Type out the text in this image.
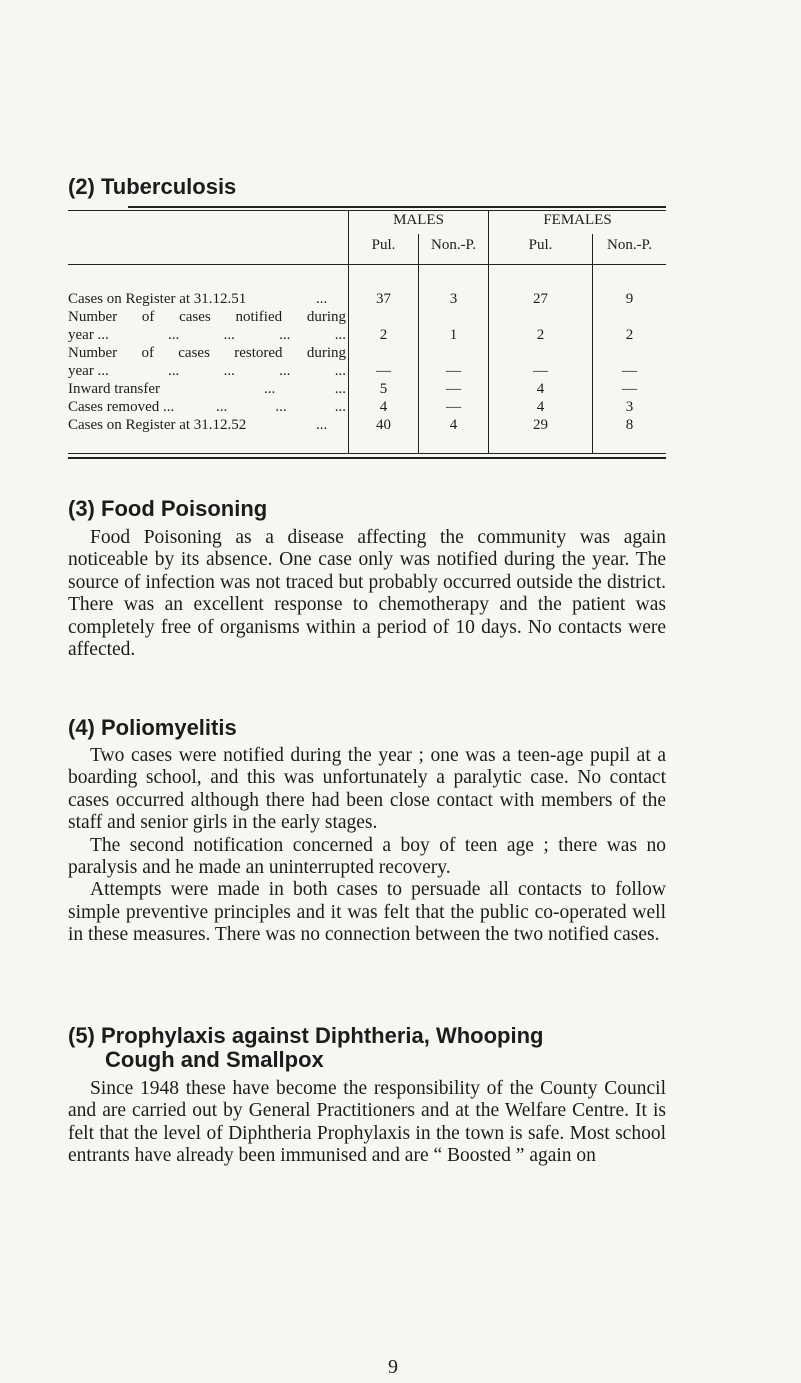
(2) Tuberculosis
MALES	FEMALES
Pul.	Non.-P.	Pul.	Non.-P.
Cases on Register at 31.12.51	...	37	3	27	9
Number of cases notified during
year ...	... ... ... ...	2	1	2	2
Number of cases restored during
year ...	... ... ... ...	—	—	—	—
Inward transfer	... ...	5	—	4	—
Cases removed ...	... ... ...	4	—	4	3
Cases on Register at 31.12.52	...	40	4	29	8
(3) Food Poisoning

Food Poisoning as a disease affecting the community was again noticeable by its absence. One case only was notified during the year. The source of infection was not traced but probably occurred outside the district. There was an excellent response to chemotherapy and the patient was completely free of organisms within a period of 10 days. No contacts were affected.

(4) Poliomyelitis

Two cases were notified during the year ; one was a teen-age pupil at a boarding school, and this was unfortunately a paralytic case. No contact cases occurred although there had been close contact with members of the staff and senior girls in the early stages.

The second notification concerned a boy of teen age ; there was no paralysis and he made an uninterrupted recovery.

Attempts were made in both cases to persuade all contacts to follow simple preventive principles and it was felt that the public co-operated well in these measures. There was no connection between the two notified cases.

(5) Prophylaxis against Diphtheria, Whooping
Cough and Smallpox

Since 1948 these have become the responsibility of the County Council and are carried out by General Practitioners and at the Welfare Centre. It is felt that the level of Diphtheria Prophylaxis in the town is safe. Most school entrants have already been immunised and are “ Boosted ” again on

9
